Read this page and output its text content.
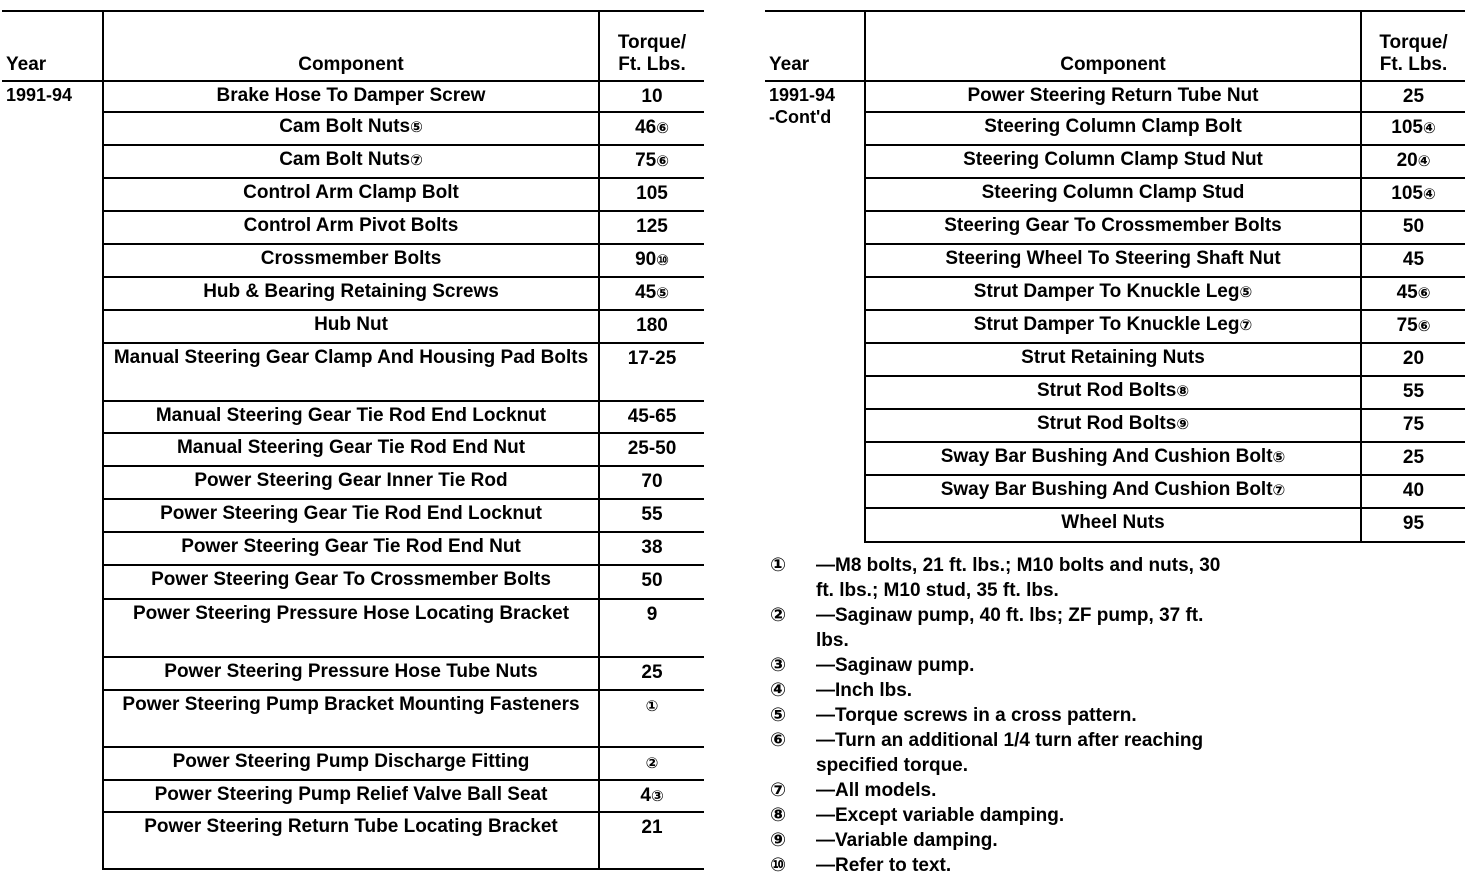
Year	Component	Torque/
Ft. Lbs.

1991-94	Brake Hose To Damper Screw	10
	Cam Bolt Nuts⑤	46⑥
	Cam Bolt Nuts⑦	75⑥
	Control Arm Clamp Bolt	105
	Control Arm Pivot Bolts	125
	Crossmember Bolts	90⑩
	Hub & Bearing Retaining Screws	45⑤
	Hub Nut	180
	Manual Steering Gear Clamp And Housing Pad Bolts	17-25
	Manual Steering Gear Tie Rod End Locknut	45-65
	Manual Steering Gear Tie Rod End Nut	25-50
	Power Steering Gear Inner Tie Rod	70
	Power Steering Gear Tie Rod End Locknut	55
	Power Steering Gear Tie Rod End Nut	38
	Power Steering Gear To Crossmember Bolts	50
	Power Steering Pressure Hose Locating Bracket	9
	Power Steering Pressure Hose Tube Nuts	25
	Power Steering Pump Bracket Mounting Fasteners	①
	Power Steering Pump Discharge Fitting	②
	Power Steering Pump Relief Valve Ball Seat	4③
	Power Steering Return Tube Locating Bracket	21
Year	Component	Torque/
Ft. Lbs.

1991-94
-Cont'd	Power Steering Return Tube Nut	25
	Steering Column Clamp Bolt	105④
	Steering Column Clamp Stud Nut	20④
	Steering Column Clamp Stud	105④
	Steering Gear To Crossmember Bolts	50
	Steering Wheel To Steering Shaft Nut	45
	Strut Damper To Knuckle Leg⑤	45⑥
	Strut Damper To Knuckle Leg⑦	75⑥
	Strut Retaining Nuts	20
	Strut Rod Bolts⑧	55
	Strut Rod Bolts⑨	75
	Sway Bar Bushing And Cushion Bolt⑤	25
	Sway Bar Bushing And Cushion Bolt⑦	40
	Wheel Nuts	95
①	—M8 bolts, 21 ft. lbs.; M10 bolts and nuts, 30 ft. lbs.; M10 stud, 35 ft. lbs.
②	—Saginaw pump, 40 ft. lbs; ZF pump, 37 ft. lbs.
③	—Saginaw pump.
④	—Inch lbs.
⑤	—Torque screws in a cross pattern.
⑥	—Turn an additional 1/4 turn after reaching specified torque.
⑦	—All models.
⑧	—Except variable damping.
⑨	—Variable damping.
⑩	—Refer to text.
